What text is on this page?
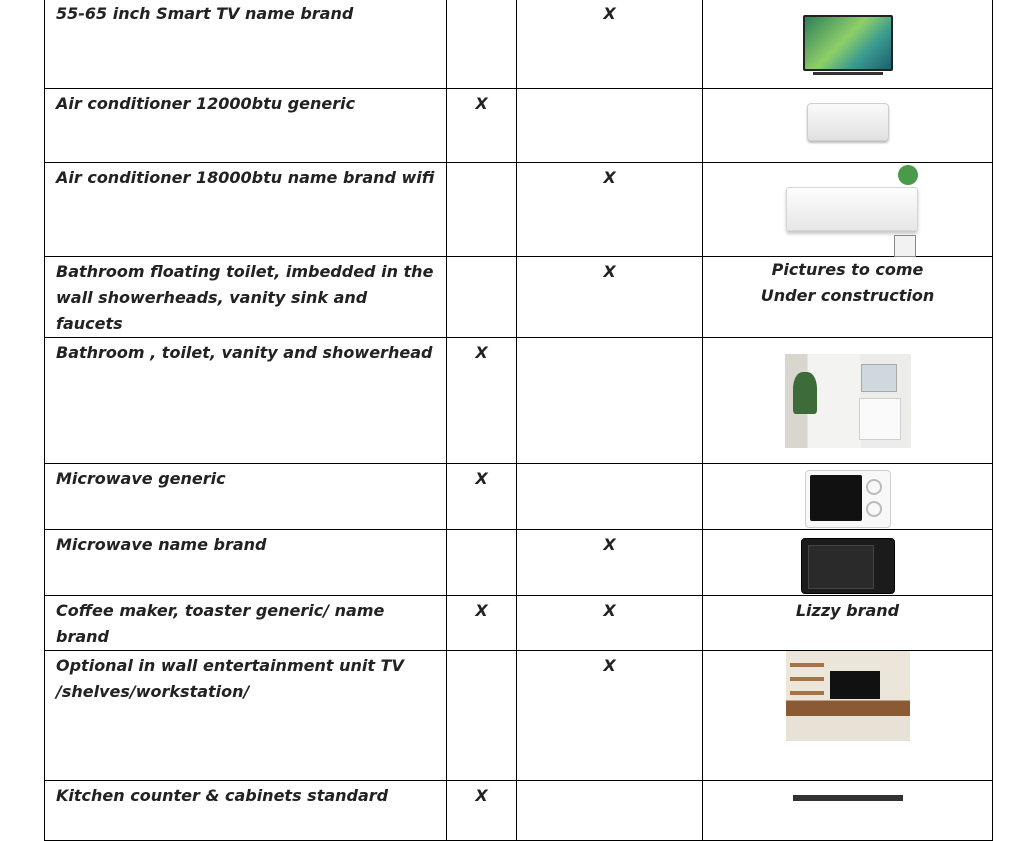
55-65 inch Smart TV name brand		X	

Air conditioner 12000btu generic	X		

Air conditioner 18000btu name brand wifi		X	

Bathroom floating toilet, imbedded in the wall showerheads, vanity sink and faucets		X	Pictures to come
Under construction

Bathroom , toilet, vanity and showerhead	X		

Microwave generic	X		

Microwave name brand		X	

Coffee maker, toaster generic/ name brand	X	X	Lizzy brand
Optional in wall entertainment unit TV /shelves/workstation/		X	

Kitchen counter & cabinets standard	X		
